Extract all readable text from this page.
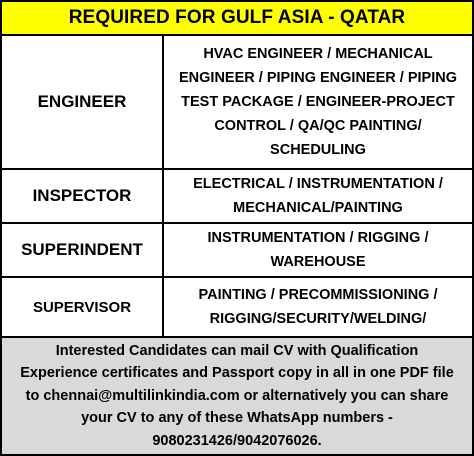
REQUIRED FOR GULF ASIA - QATAR
ENGINEER
HVAC ENGINEER / MECHANICAL
ENGINEER / PIPING ENGINEER / PIPING
TEST PACKAGE / ENGINEER-PROJECT
CONTROL / QA/QC PAINTING/
SCHEDULING
INSPECTOR
ELECTRICAL / INSTRUMENTATION /
MECHANICAL/PAINTING
SUPERINDENT
INSTRUMENTATION / RIGGING /
WAREHOUSE
SUPERVISOR
PAINTING / PRECOMMISSIONING /
RIGGING/SECURITY/WELDING/
Interested Candidates can mail CV with Qualification
Experience certificates and Passport copy in all in one PDF file
to chennai@multilinkindia.com or alternatively you can share
your CV to any of these WhatsApp numbers -
9080231426/9042076026.
